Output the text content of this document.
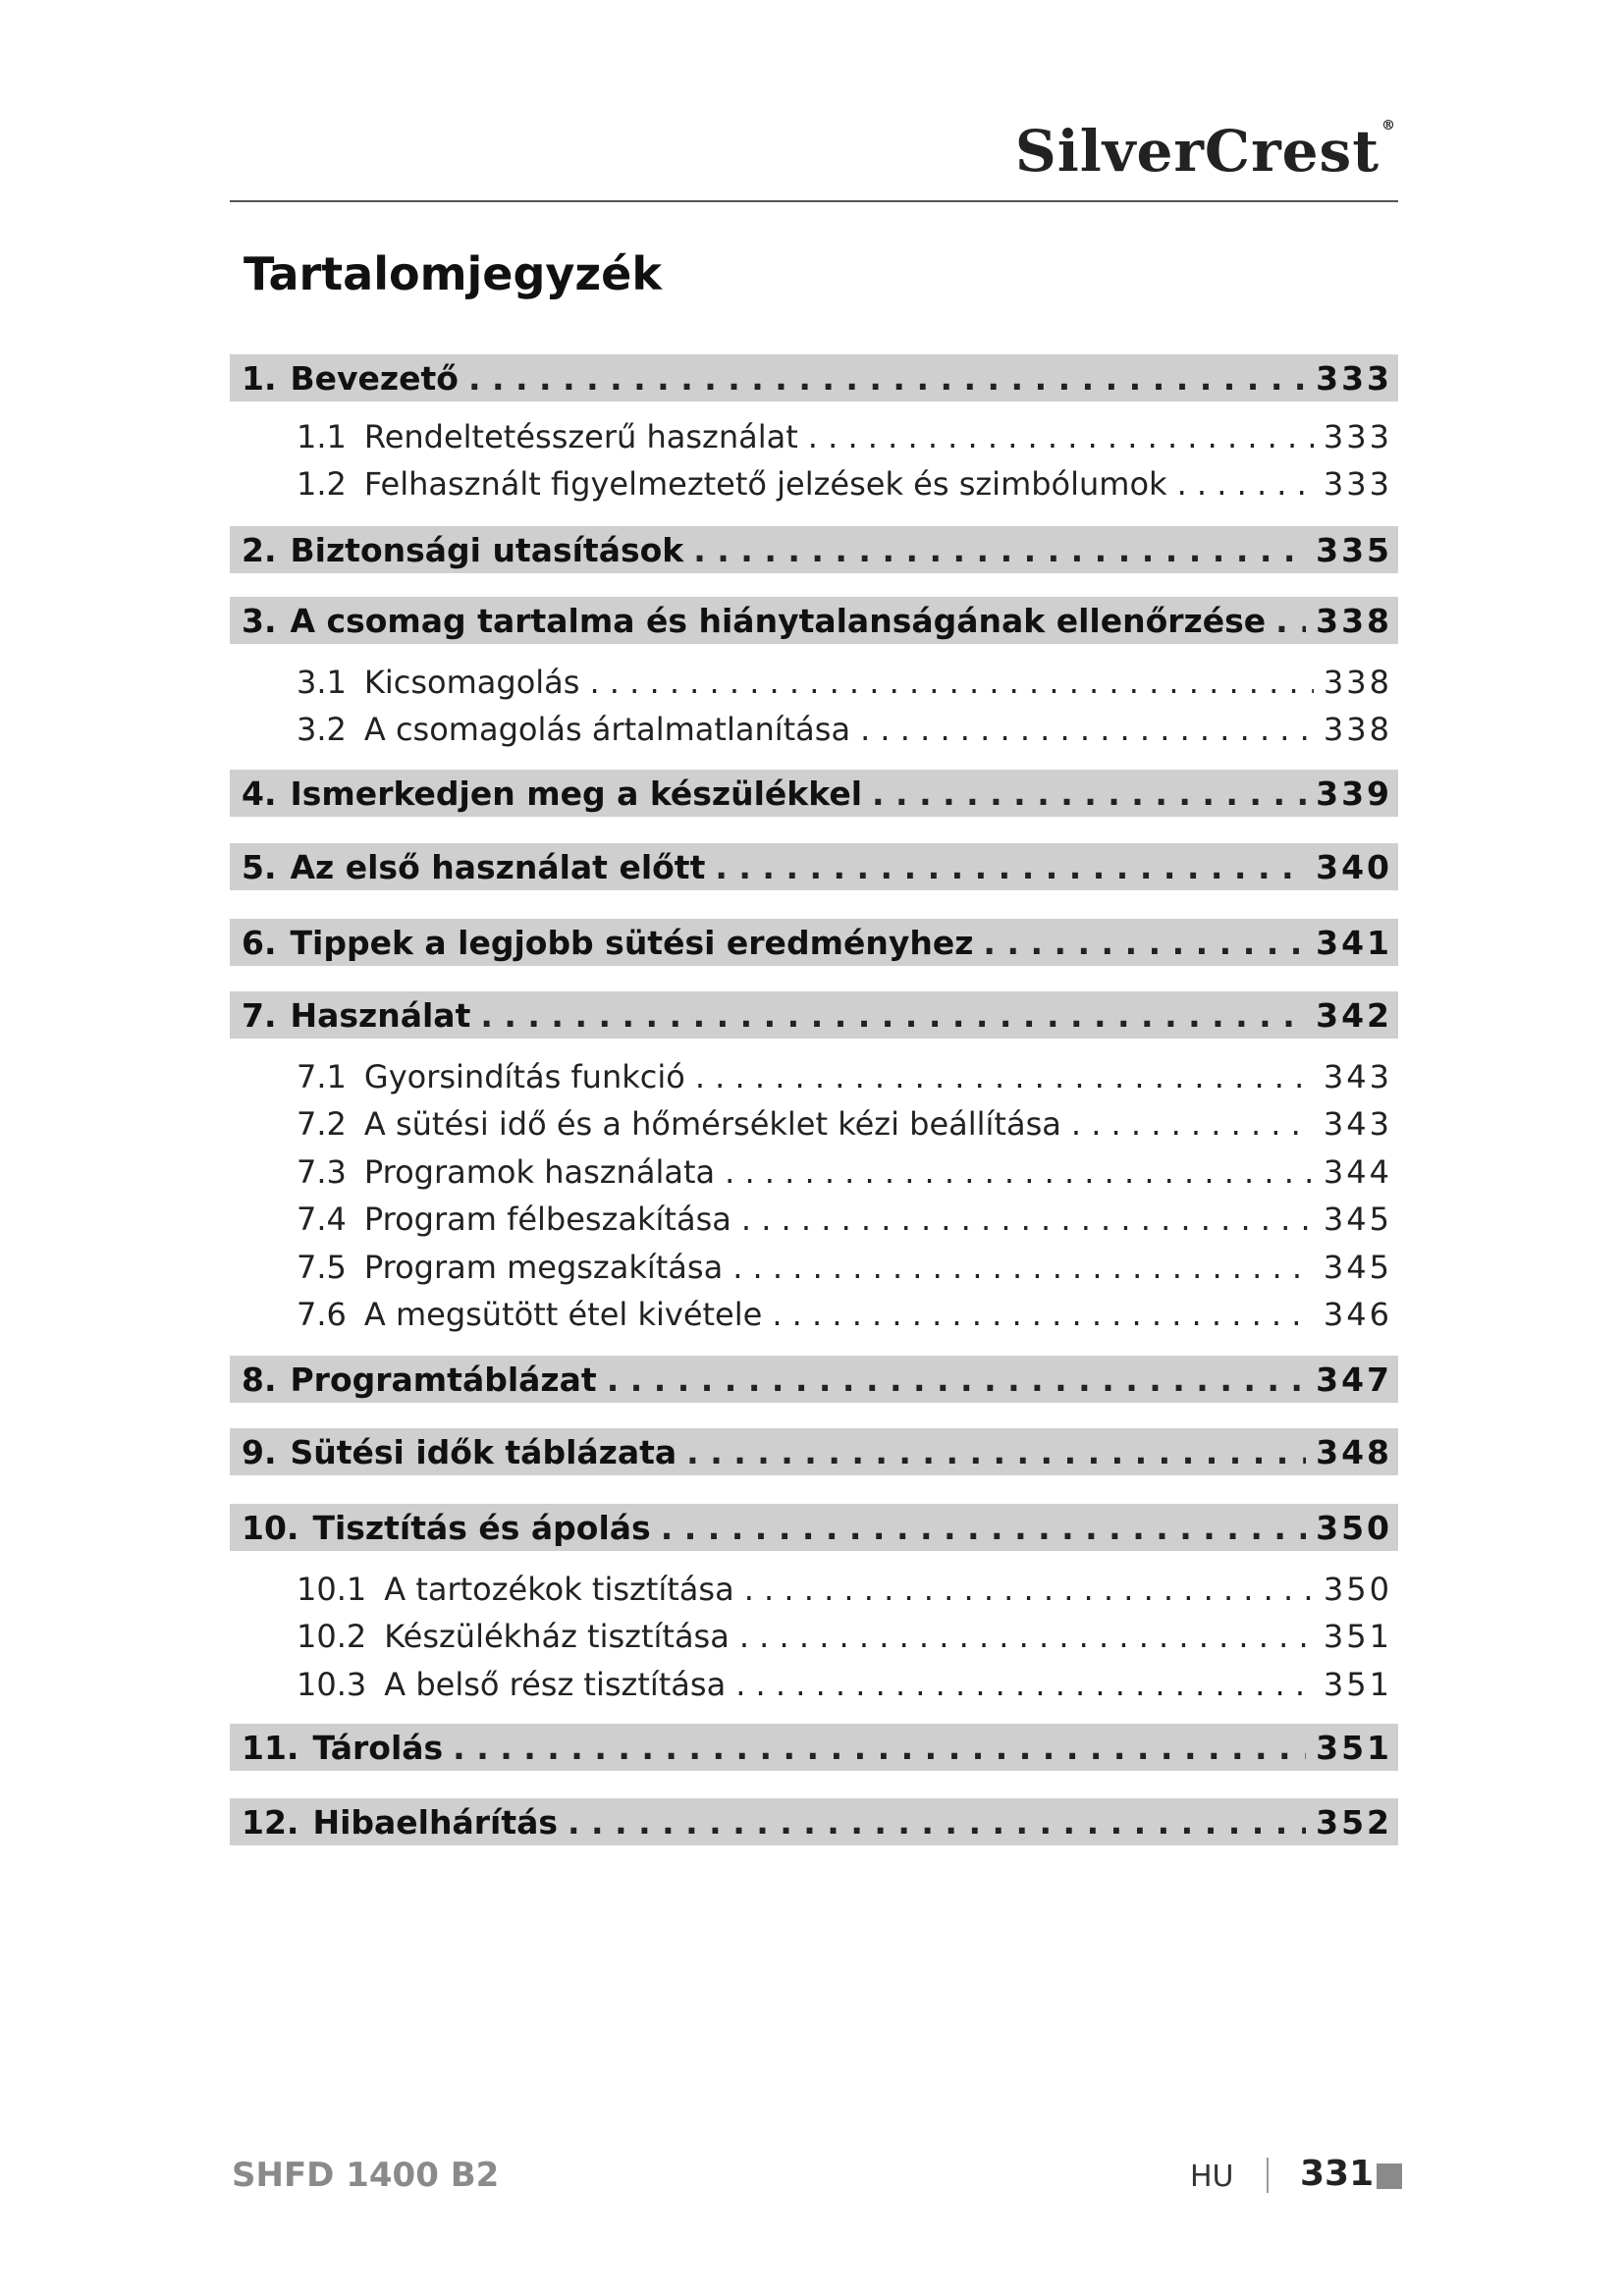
SilverCrest ®
Tartalomjegyzék
1. Bevezető . . .	333
1.1 Rendeltetésszerű használat . . .	333
1.2 Felhasznált figyelmeztető jelzések és szimbólumok . . .	333
2. Biztonsági utasítások . . .	335
3. A csomag tartalma és hiánytalanságának ellenőrzése . . . 338
3.1 Kicsomagolás . . .	338
3.2 A csomagolás ártalmatlanítása . . .	338
4. Ismerkedjen meg a készülékkel . . .	339
5. Az első használat előtt . . .	340
6. Tippek a legjobb sütési eredményhez . . .	341
7. Használat . . .	342
7.1 Gyorsindítás funkció . . .	343
7.2 A sütési idő és a hőmérséklet kézi beállítása . . .	343
7.3 Programok használata . . .	344
7.4 Program félbeszakítása . . .	345
7.5 Program megszakítása . . .	345
7.6 A megsütött étel kivétele . . .	346
8. Programtáblázat . . .	347
9. Sütési idők táblázata . . .	348
10. Tisztítás és ápolás . . .	350
10.1 A tartozékok tisztítása . . .	350
10.2 Készülékház tisztítása . . .	351
10.3 A belső rész tisztítása . . .	351
11. Tárolás . . .	351
12. Hibaelhárítás . . .	352
SHFD 1400 B2	HU 331
